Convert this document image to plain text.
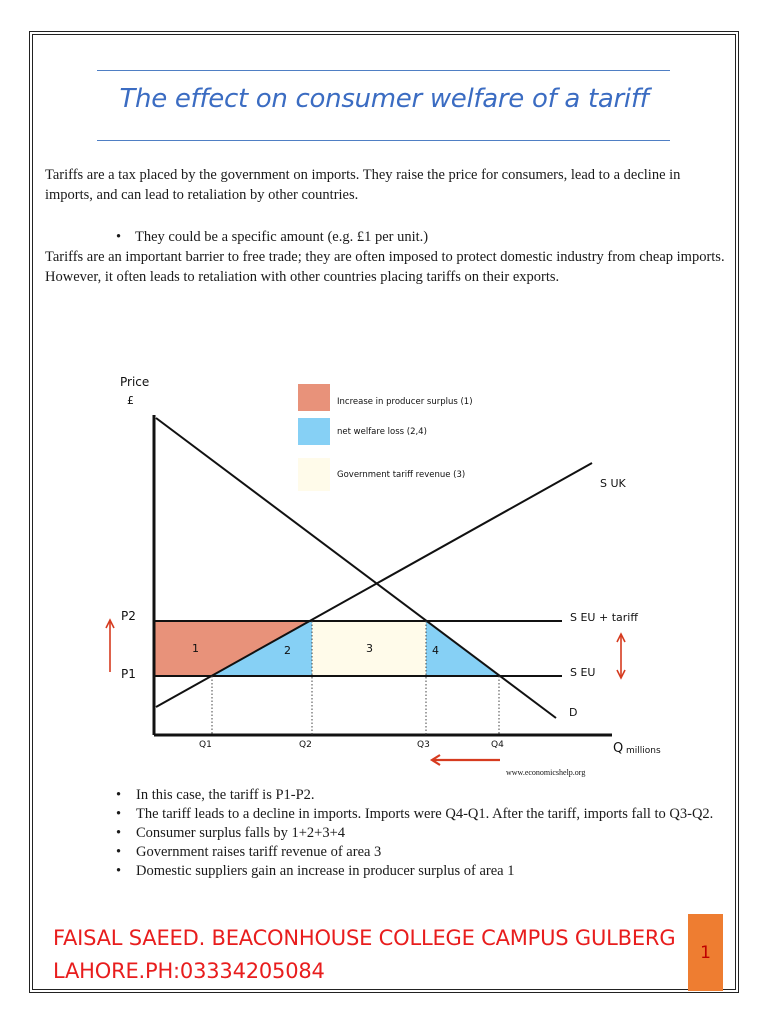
The effect on consumer welfare of a tariff

Tariffs are a tax placed by the government on imports. They raise the price for consumers, lead to a decline in imports, and can lead to retaliation by other countries.

• They could be a specific amount (e.g. £1 per unit.)

Tariffs are an important barrier to free trade; they are often imposed to protect domestic industry from cheap imports. However, it often leads to retaliation with other countries placing tariffs on their exports.

Price
£
Q millions
P2
P1
Q1	Q2	Q3	Q4
S UK
S EU + tariff
S EU
D
1	2	3	4
Increase in producer surplus (1)
net welfare loss (2,4)
Government tariff revenue (3)
www.economicshelp.org
• In this case, the tariff is P1-P2.
• The tariff leads to a decline in imports. Imports were Q4-Q1. After the tariff, imports fall to Q3-Q2.
• Consumer surplus falls by 1+2+3+4
• Government raises tariff revenue of area 3
• Domestic suppliers gain an increase in producer surplus of area 1
FAISAL SAEED. BEACONHOUSE COLLEGE CAMPUS GULBERG
LAHORE.PH:03334205084
1
